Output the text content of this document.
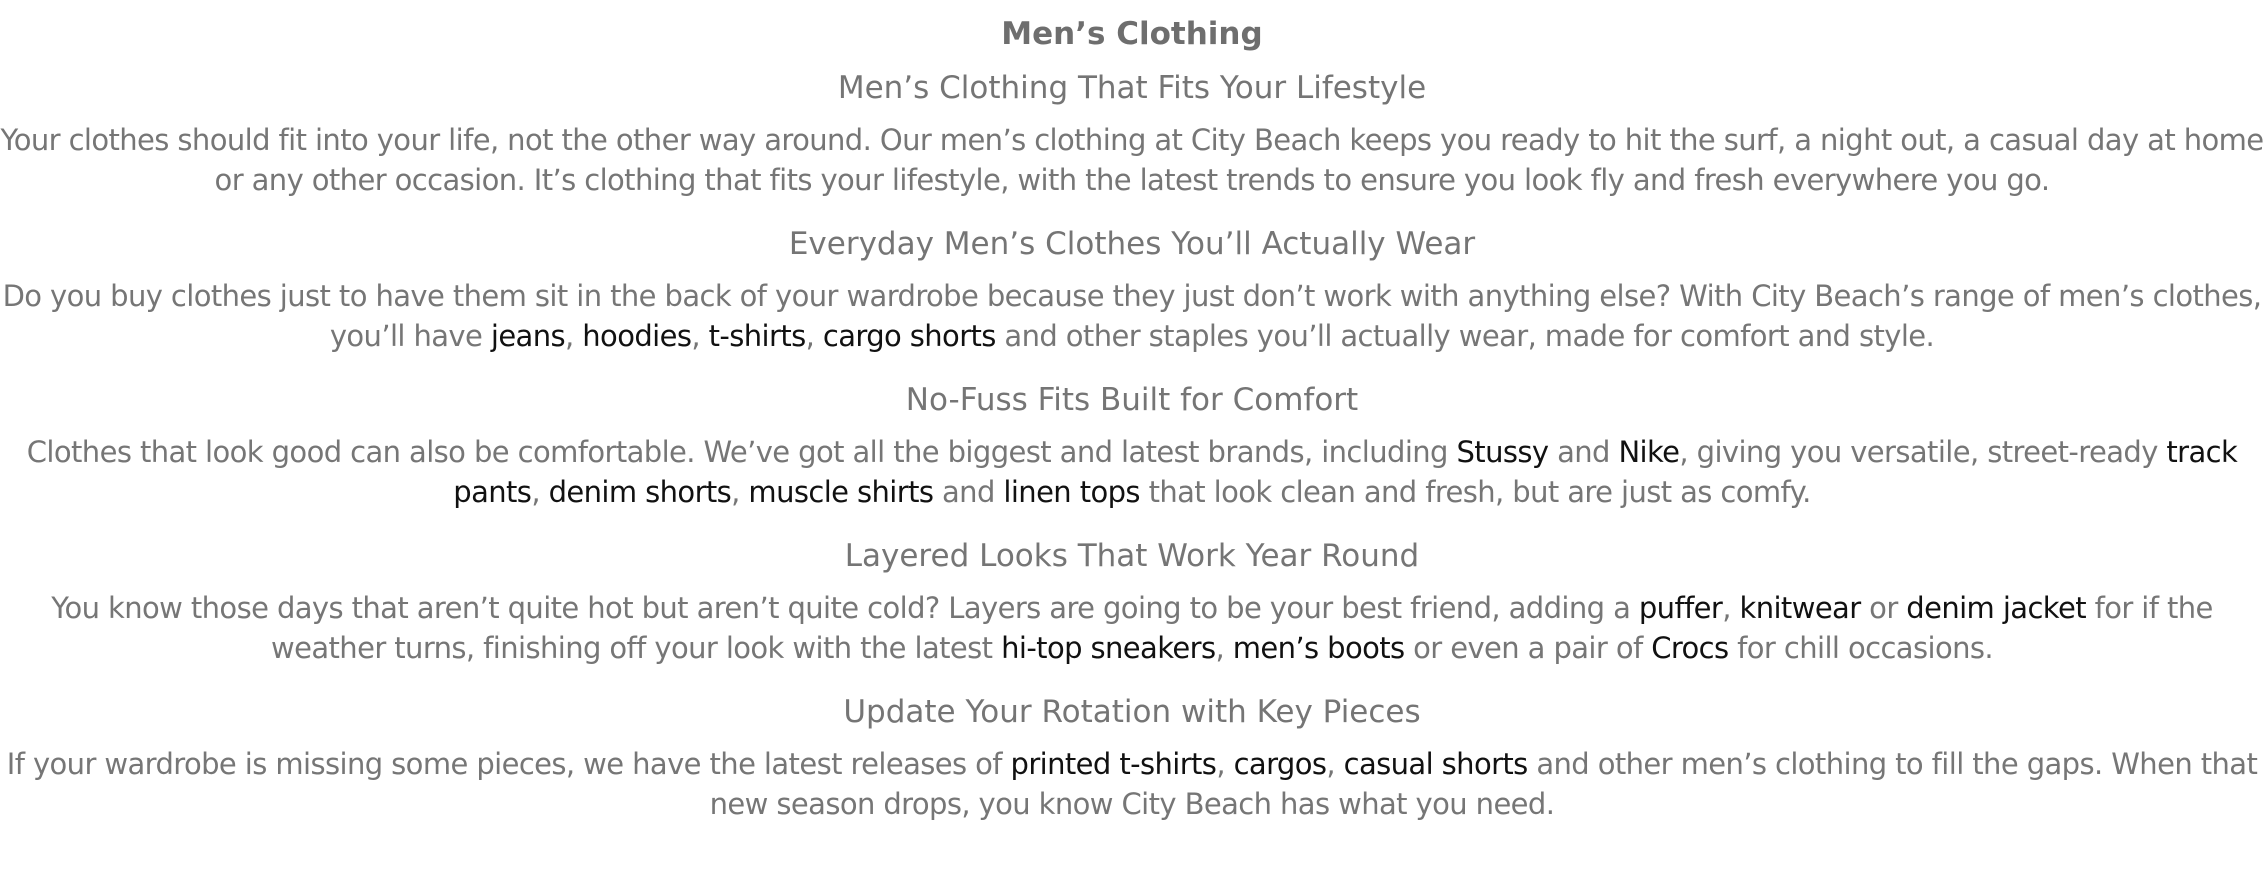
Men’s Clothing
Men’s Clothing That Fits Your Lifestyle

Your clothes should fit into your life, not the other way around. Our men’s clothing at City Beach keeps you ready to hit the surf, a night out, a casual day at home or any other occasion. It’s clothing that fits your lifestyle, with the latest trends to ensure you look fly and fresh everywhere you go.

Everyday Men’s Clothes You’ll Actually Wear

Do you buy clothes just to have them sit in the back of your wardrobe because they just don’t work with anything else? With City Beach’s range of men’s clothes, you’ll have jeans, hoodies, t-shirts, cargo shorts and other staples you’ll actually wear, made for comfort and style.

No-Fuss Fits Built for Comfort

Clothes that look good can also be comfortable. We’ve got all the biggest and latest brands, including Stussy and Nike, giving you versatile, street-ready track pants, denim shorts, muscle shirts and linen tops that look clean and fresh, but are just as comfy.

Layered Looks That Work Year Round

You know those days that aren’t quite hot but aren’t quite cold? Layers are going to be your best friend, adding a puffer, knitwear or denim jacket for if the weather turns, finishing off your look with the latest hi-top sneakers, men’s boots or even a pair of Crocs for chill occasions.

Update Your Rotation with Key Pieces

If your wardrobe is missing some pieces, we have the latest releases of printed t-shirts, cargos, casual shorts and other men’s clothing to fill the gaps. When that new season drops, you know City Beach has what you need.
